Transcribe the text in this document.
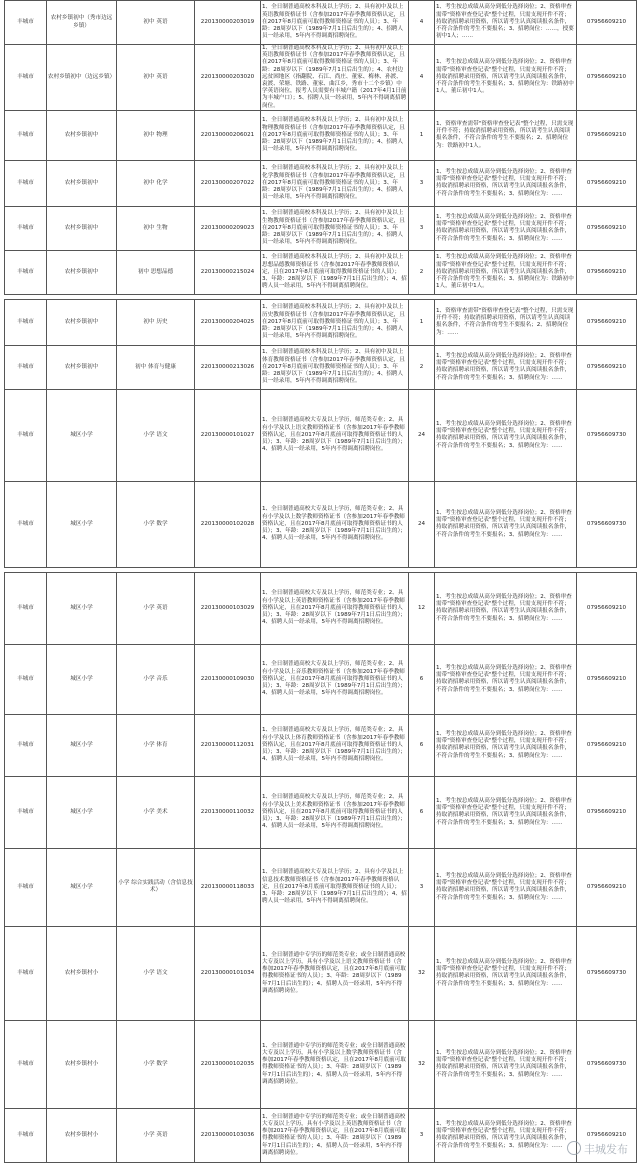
丰城市	农村乡镇初中（秀市边远乡镇）	初中 英语	220130000203019	1、全日制普通高校本科及以上学历；2、具有初中及以上英语教师资格证书（含参加2017年春季教师资格认定，且在2017年8月底前可取得教师资格证书的人员）；3、年龄：28周岁以下（1989年7月1日后出生的）；4、招聘人员一经录用，5年内不得调离招聘岗位。	4	1、考生按总成绩从高分到低分选择岗位；2、资格审查需带"资格审查登记表"整个过程，只需支现开件不符；持取消招聘录用资格，所以请考生认真阅读报名条件，不符合条件的考生不要报名；3、招聘岗位：……，授要初中1人；……	07956609210
丰城市	农村乡镇初中（边远乡镇）	初中 英语	220130000203020	1、全日制普通高校本科及以上学历；2、具有初中及以上英语教师资格证书（含参加2017年春季教师资格认定，且在2017年8月底前可取得教师资格证书的人员）；3、年龄：28周岁以下（1989年7月1日后出生的）；4、农村边远贫困地区（指翻院、石江、尚庄、董家、梅林、孙渡、袁渡、荣塘、铁路、董家、曲江乡，秀市十二个乡镇）中学英语岗位，报考人员需要有丰城户籍（2017年4月1日前为丰城户口）；5、招聘人员一经录用，5年内不得调离招聘岗位。	4	1、考生按总成绩从高分到低分选择岗位；2、资格审查需带"资格审查登记表"整个过程，只需支现开件不符；持取消招聘录用资格，所以请考生认真阅读报名条件，不符合条件的考生不要报名；3、招聘岗位为：铁路初中1人，董丘初中1人。	07956609210
丰城市	农村乡镇初中	初中 物理	220130000206021	1、全日制普通高校本科及以上学历；2、具有初中及以上物理教师资格证书（含参加2017年春季教师资格认定，且在2017年8月底前可取得教师资格证书的人员）；3、年龄：28周岁以下（1989年7月1日后出生的）；4、招聘人员一经录用，5年内不得调离招聘岗位。	1	1、资格审查需带"资格审查登记表"整个过程，只需支现开件不符；持取消招聘录用资格，所以请考生认真阅读报名条件，不符合条件的考生不要报名；2、招聘岗位为：铁路初中1人。	07956609210
丰城市	农村乡镇初中	初中 化学	220130000207022	1、全日制普通高校本科及以上学历；2、具有初中及以上化学教师资格证书（含参加2017年春季教师资格认定，且在2017年8月底前可取得教师资格证书的人员）；3、年龄：28周岁以下（1989年7月1日后出生的）；4、招聘人员一经录用，5年内不得调离招聘岗位。	3	1、考生按总成绩从高分到低分选择岗位；2、资格审查需带"资格审查登记表"整个过程，只需支现开件不符；持取消招聘录用资格，所以请考生认真阅读报名条件，不符合条件的考生不要报名；3、招聘岗位为：……	07956609210
丰城市	农村乡镇初中	初中 生物	220130000209023	1、全日制普通高校本科及以上学历；2、具有初中及以上生物教师资格证书（含参加2017年春季教师资格认定，且在2017年8月底前可取得教师资格证书的人员）；3、年龄：28周岁以下（1989年7月1日后出生的）；4、招聘人员一经录用，5年内不得调离招聘岗位。	3	1、考生按总成绩从高分到低分选择岗位；2、资格审查需带"资格审查登记表"整个过程，只需支现开件不符；持取消招聘录用资格，所以请考生认真阅读报名条件，不符合条件的考生不要报名；3、招聘岗位为：……	07956609210
丰城市	农村乡镇初中	初中 思想品德	220130000215024	1、全日制普通高校本科及以上学历；2、具有初中及以上思想品德教师资格证书（含参加2017年春季教师资格认定，且在2017年8月底前可取得教师资格证书的人员）；3、年龄：28周岁以下（1989年7月1日后出生的）；4、招聘人员一经录用，5年内不得调离招聘岗位。	2	1、考生按总成绩从高分到低分选择岗位；2、资格审查需带"资格审查登记表"整个过程，只需支现开件不符；持取消招聘录用资格，所以请考生认真阅读报名条件，不符合条件的考生不要报名；3、招聘岗位为：铁路初中1人，董丘初中1人。	07956609210

丰城市	农村乡镇初中	初中 历史	220130000204025	1、全日制普通高校本科及以上学历；2、具有初中及以上历史教师资格证书（含参加2017年春季教师资格认定，且在2017年8月底前可取得教师资格证书的人员）；3、年龄：28周岁以下（1989年7月1日后出生的）；4、招聘人员一经录用，5年内不得调离招聘岗位。	1	1、资格审查需带"资格审查登记表"整个过程，只需支现开件不符；持取消招聘录用资格，所以请考生认真阅读报名条件，不符合条件的考生不要报名；2、招聘岗位为：……	07956609210
丰城市	农村乡镇初中	初中 体育与健康	220130000213026	1、全日制普通高校本科及以上学历；2、具有初中及以上体育教师资格证书（含参加2017年春季教师资格认定，且在2017年8月底前可取得教师资格证书的人员）；3、年龄：28周岁以下（1989年7月1日后出生的）；4、招聘人员一经录用，5年内不得调离招聘岗位。	2	1、考生按总成绩从高分到低分选择岗位；2、资格审查需带"资格审查登记表"整个过程，只需支现开件不符；持取消招聘录用资格，所以请考生认真阅读报名条件，不符合条件的考生不要报名；3、招聘岗位为：……	07956609210
丰城市	城区小学	小学 语文	220130000101027	1、全日制普通高校大专及以上学历，师范类专业；2、具有小学及以上语文教师资格证书（含参加2017年春季教师资格认定，且在2017年8月底前可取得教师资格证书的人员）；3、年龄：28周岁以下（1989年7月1日后出生的）；4、招聘人员一经录用，5年内不得调离招聘岗位。	24	1、考生按总成绩从高分到低分选择岗位；2、资格审查需带"资格审查登记表"整个过程，只需支现开件不符；持取消招聘录用资格，所以请考生认真阅读报名条件，不符合条件的考生不要报名；3、招聘岗位为：……	07956609730
丰城市	城区小学	小学 数学	220130000102028	1、全日制普通高校大专及以上学历，师范类专业；2、具有小学及以上数学教师资格证书（含参加2017年春季教师资格认定，且在2017年8月底前可取得教师资格证书的人员）；3、年龄：28周岁以下（1989年7月1日后出生的）；4、招聘人员一经录用，5年内不得调离招聘岗位。	24	1、考生按总成绩从高分到低分选择岗位；2、资格审查需带"资格审查登记表"整个过程，只需支现开件不符；持取消招聘录用资格，所以请考生认真阅读报名条件，不符合条件的考生不要报名；3、招聘岗位为：……	07956609730

丰城市	城区小学	小学 英语	220130000103029	1、全日制普通高校大专及以上学历，师范类专业；2、具有小学及以上英语教师资格证书（含参加2017年春季教师资格认定，且在2017年8月底前可取得教师资格证书的人员）；3、年龄：28周岁以下（1989年7月1日后出生的）；4、招聘人员一经录用，5年内不得调离招聘岗位。	12	1、考生按总成绩从高分到低分选择岗位；2、资格审查需带"资格审查登记表"整个过程，只需支现开件不符；持取消招聘录用资格，所以请考生认真阅读报名条件，不符合条件的考生不要报名；3、招聘岗位为：……	07956609210
丰城市	城区小学	小学 音乐	220130000109030	1、全日制普通高校大专及以上学历，师范类专业；2、具有小学及以上音乐教师资格证书（含参加2017年春季教师资格认定，且在2017年8月底前可取得教师资格证书的人员）；3、年龄：28周岁以下（1989年7月1日后出生的）；4、招聘人员一经录用，5年内不得调离招聘岗位。	6	1、考生按总成绩从高分到低分选择岗位；2、资格审查需带"资格审查登记表"整个过程，只需支现开件不符；持取消招聘录用资格，所以请考生认真阅读报名条件，不符合条件的考生不要报名；3、招聘岗位为：……	07956609210
丰城市	城区小学	小学 体育	220130000112031	1、全日制普通高校大专及以上学历，师范类专业；2、具有小学及以上体育教师资格证书（含参加2017年春季教师资格认定，且在2017年8月底前可取得教师资格证书的人员）；3、年龄：28周岁以下（1989年7月1日后出生的）；4、招聘人员一经录用，5年内不得调离招聘岗位。	6	1、考生按总成绩从高分到低分选择岗位；2、资格审查需带"资格审查登记表"整个过程，只需支现开件不符；持取消招聘录用资格，所以请考生认真阅读报名条件，不符合条件的考生不要报名；3、招聘岗位为：……	07956609210
丰城市	城区小学	小学 美术	220130000110032	1、全日制普通高校大专及以上学历，师范类专业；2、具有小学及以上美术教师资格证书（含参加2017年春季教师资格认定，且在2017年8月底前可取得教师资格证书的人员）；3、年龄：28周岁以下（1989年7月1日后出生的）；4、招聘人员一经录用，5年内不得调离招聘岗位。	6	1、考生按总成绩从高分到低分选择岗位；2、资格审查需带"资格审查登记表"整个过程，只需支现开件不符；持取消招聘录用资格，所以请考生认真阅读报名条件，不符合条件的考生不要报名；3、招聘岗位为：……	07956609210
丰城市	城区小学	小学 综合实践活动（含信息技术）	220130000118033	1、全日制普通高校大专及以上学历；2、具有小学及以上信息技术教师资格证书（含参加2017年春季教师资格认定，且在2017年8月底前可取得教师资格证书的人员）；3、年龄：28周岁以下（1989年7月1日后出生的）；4、招聘人员一经录用，5年内不得调离招聘岗位。	3	1、考生按总成绩从高分到低分选择岗位；2、资格审查需带"资格审查登记表"整个过程，只需支现开件不符；持取消招聘录用资格，所以请考生认真阅读报名条件，不符合条件的考生不要报名；3、招聘岗位为：……	07956609210
丰城市	农村乡镇村小	小学 语文	220130000101034	1、全日制普通中专学历的师范类专业；或全日制普通高校大专及以上学历，具有小学及以上语文教师资格证书（含参加2017年春季教师资格认定，且在2017年8月底前可取得教师资格证书的人员）；3、年龄：28周岁以下（1989年7月1日后出生的）；4、招聘人员一经录用，5年内不得调离招聘岗位。	32	1、考生按总成绩从高分到低分选择岗位；2、资格审查需带"资格审查登记表"整个过程，只需支现开件不符；持取消招聘录用资格，所以请考生认真阅读报名条件，不符合条件的考生不要报名；3、招聘岗位为：……	07956609730
丰城市	农村乡镇村小	小学 数学	220130000102035	1、全日制普通中专学历的师范类专业；或全日制普通高校大专及以上学历，具有小学及以上数学教师资格证书（含参加2017年春季教师资格认定，且在2017年8月底前可取得教师资格证书的人员）；3、年龄：28周岁以下（1989年7月1日后出生的）；4、招聘人员一经录用，5年内不得调离招聘岗位。	32	1、考生按总成绩从高分到低分选择岗位；2、资格审查需带"资格审查登记表"整个过程，只需支现开件不符；持取消招聘录用资格，所以请考生认真阅读报名条件，不符合条件的考生不要报名；3、招聘岗位为：……	07956609730
丰城市	农村乡镇村小	小学 英语	220130000103036	1、全日制普通中专学历的师范类专业；或全日制普通高校大专及以上学历，具有小学及以上英语教师资格证书（含参加2017年春季教师资格认定，且在2017年8月底前可取得教师资格证书的人员）；3、年龄：28周岁以下（1989年7月1日后出生的）；4、招聘人员一经录用，5年内不得调离招聘岗位。	3	1、考生按总成绩从高分到低分选择岗位；2、资格审查需带"资格审查登记表"整个过程，只需支现开件不符；持取消招聘录用资格，所以请考生认真阅读报名条件，不符合条件的考生不要报名；3、招聘岗位为：……	07956609210
丰城发布
